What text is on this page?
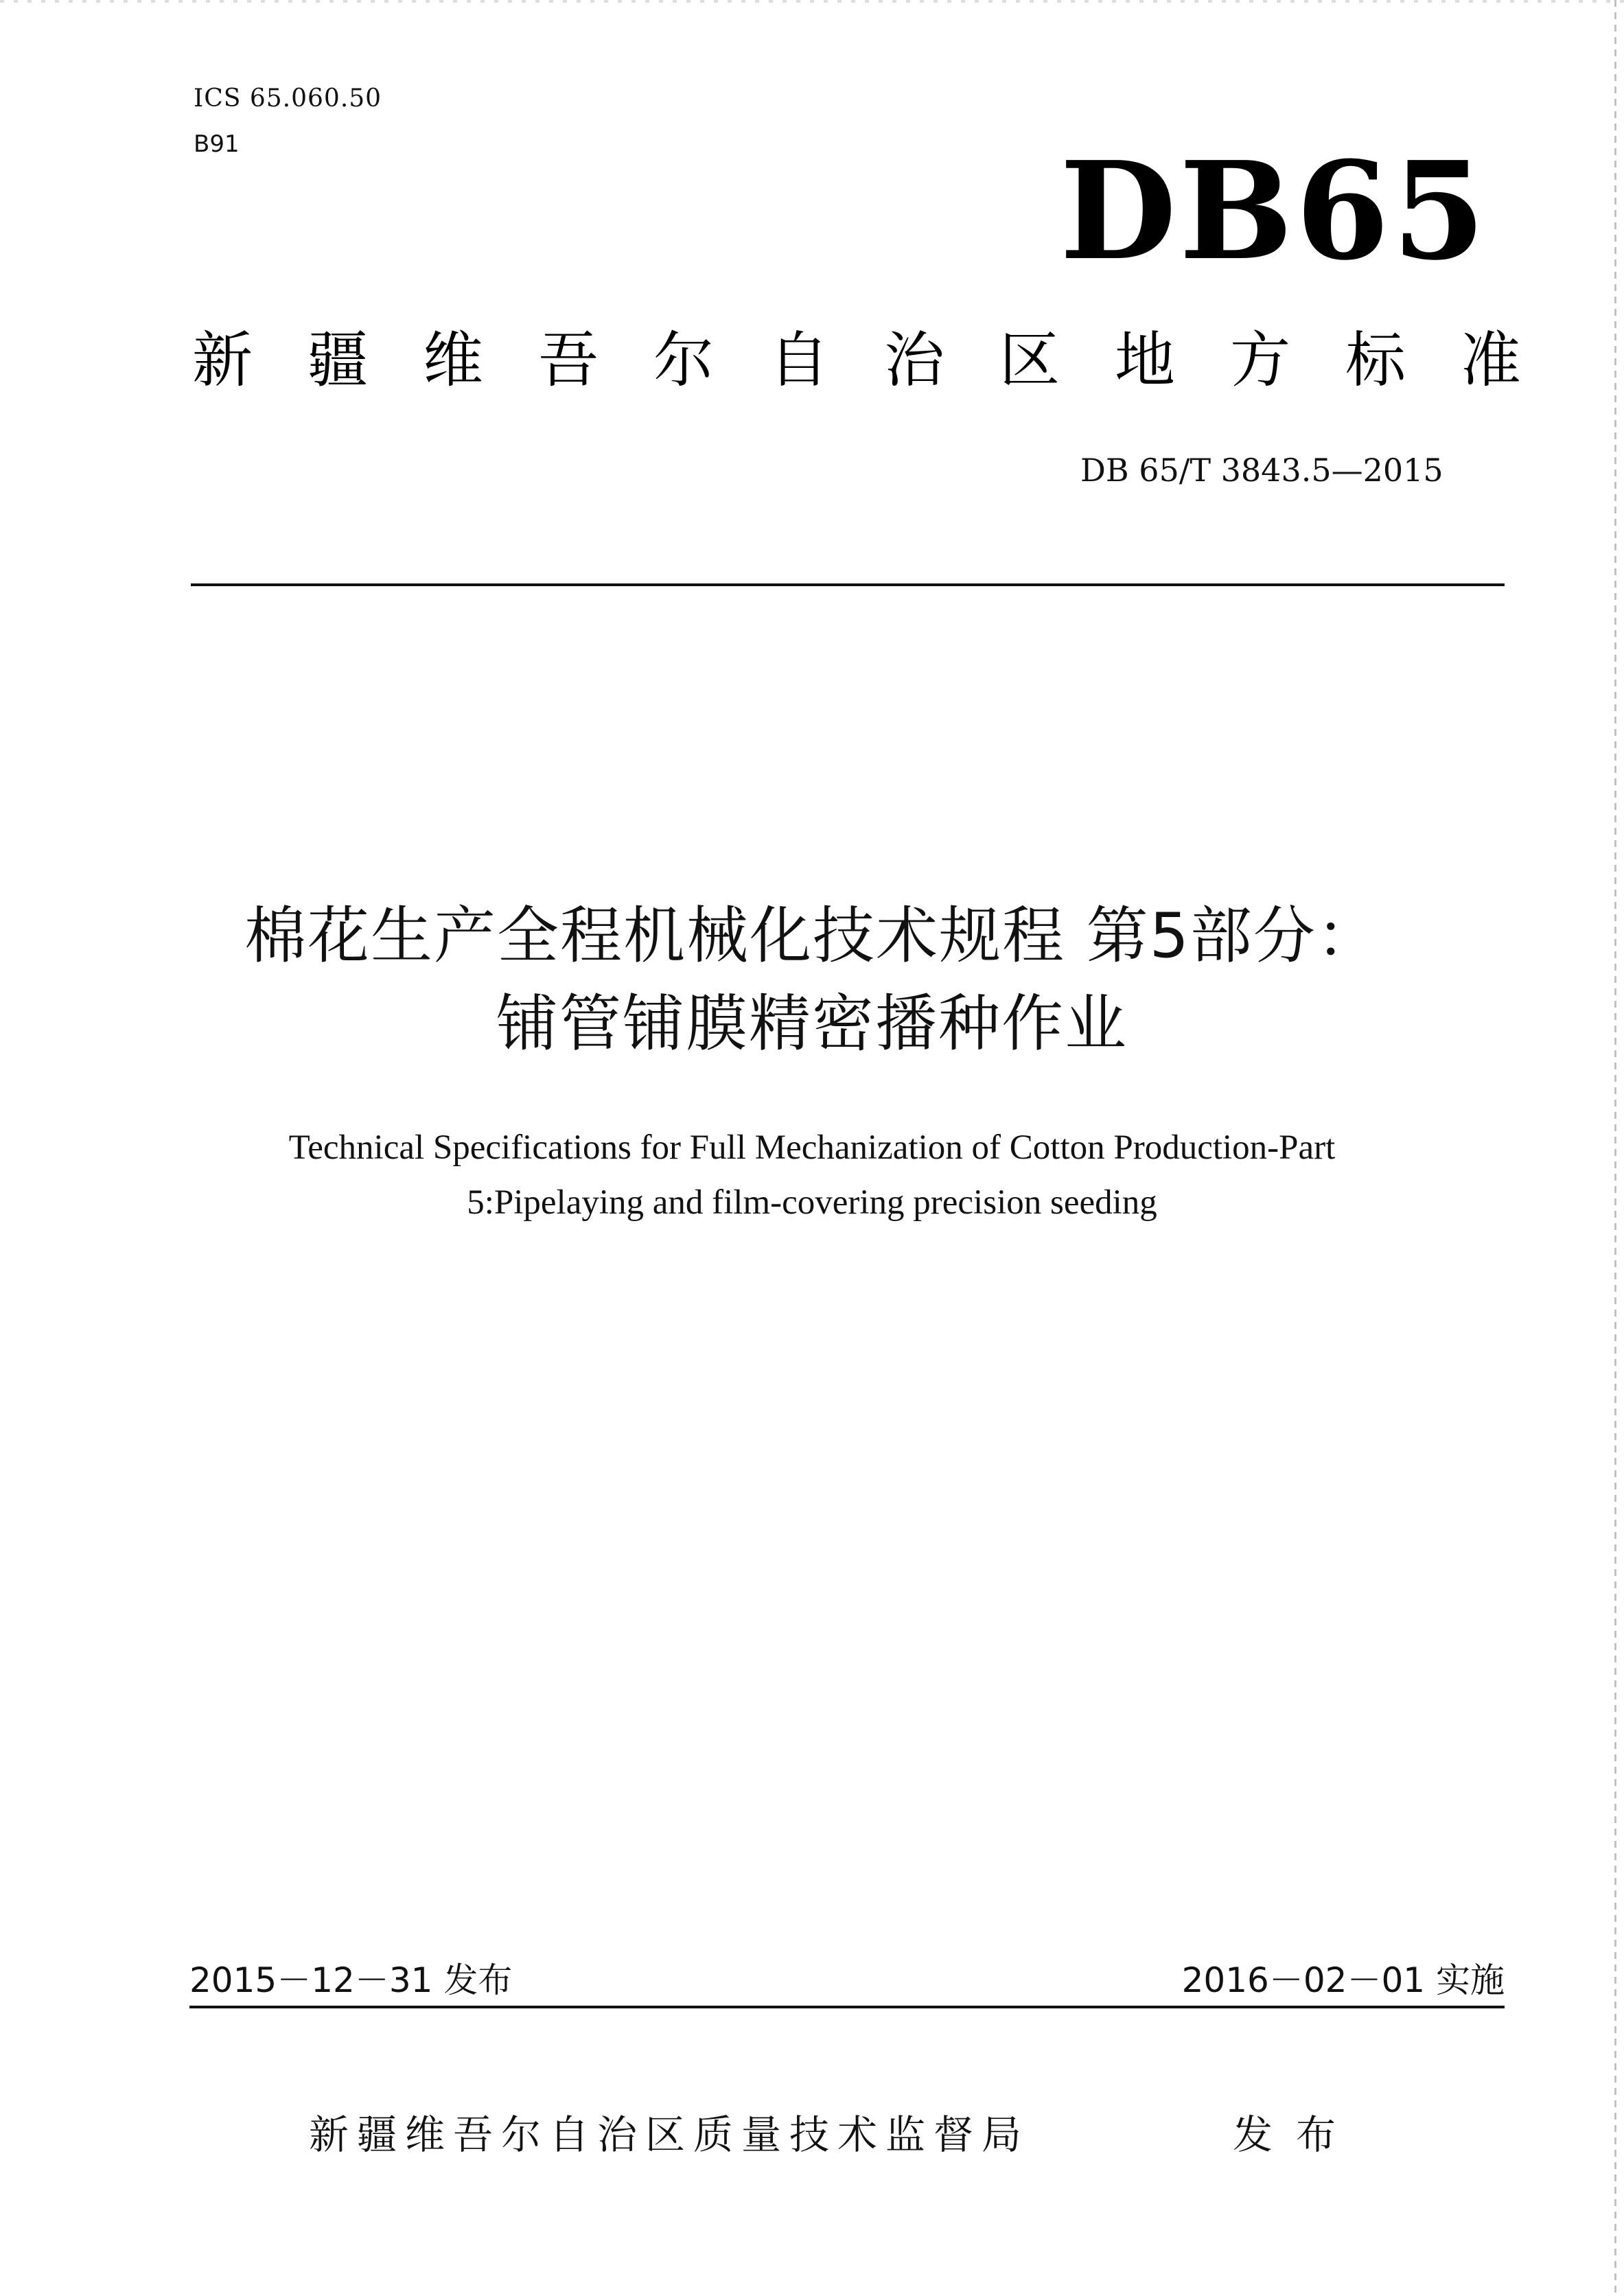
ICS 65.060.50
B91	DB65
新疆维吾尔自治区地方标准
DB 65/T 3843.5—2015
棉花生产全程机械化技术规程 第5部分：
铺管铺膜精密播种作业
Technical Specifications for Full Mechanization of Cotton Production-Part
5:Pipelaying and film-covering precision seeding
2015－12－31 发布	2016－02－01 实施
新疆维吾尔自治区质量技术监督局	发布
